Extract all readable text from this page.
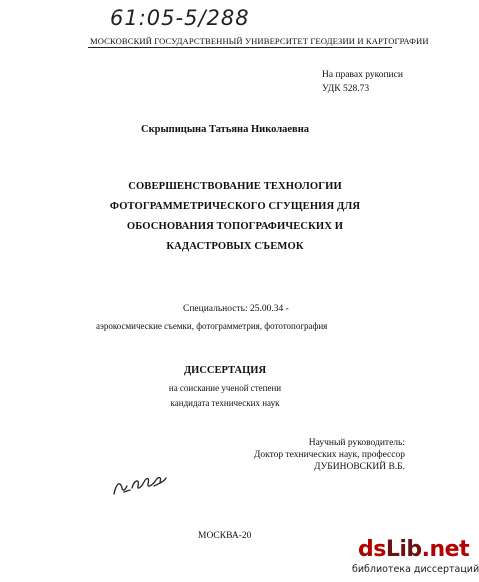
61:05-5/288
МОСКОВСКИЙ ГОСУДАРСТВЕННЫЙ УНИВЕРСИТЕТ ГЕОДЕЗИИ И КАРТОГРАФИИ
На правах рукописи
УДК 528.73
Скрыпицына Татьяна Николаевна
СОВЕРШЕНСТВОВАНИЕ ТЕХНОЛОГИИ
ФОТОГРАММЕТРИЧЕСКОГО СГУЩЕНИЯ ДЛЯ
ОБОСНОВАНИЯ ТОПОГРАФИЧЕСКИХ И
КАДАСТРОВЫХ СЪЕМОК
Специальность: 25.00.34 -
аэрокосмические съемки, фотограмметрия, фототопография
ДИССЕРТАЦИЯ
на соискание ученой степени
кандидата технических наук
Научный руководитель:
Доктор технических наук, профессор
ДУБИНОВСКИЙ В.Б.
МОСКВА-20
dsLib.net
библиотека диссертаций
